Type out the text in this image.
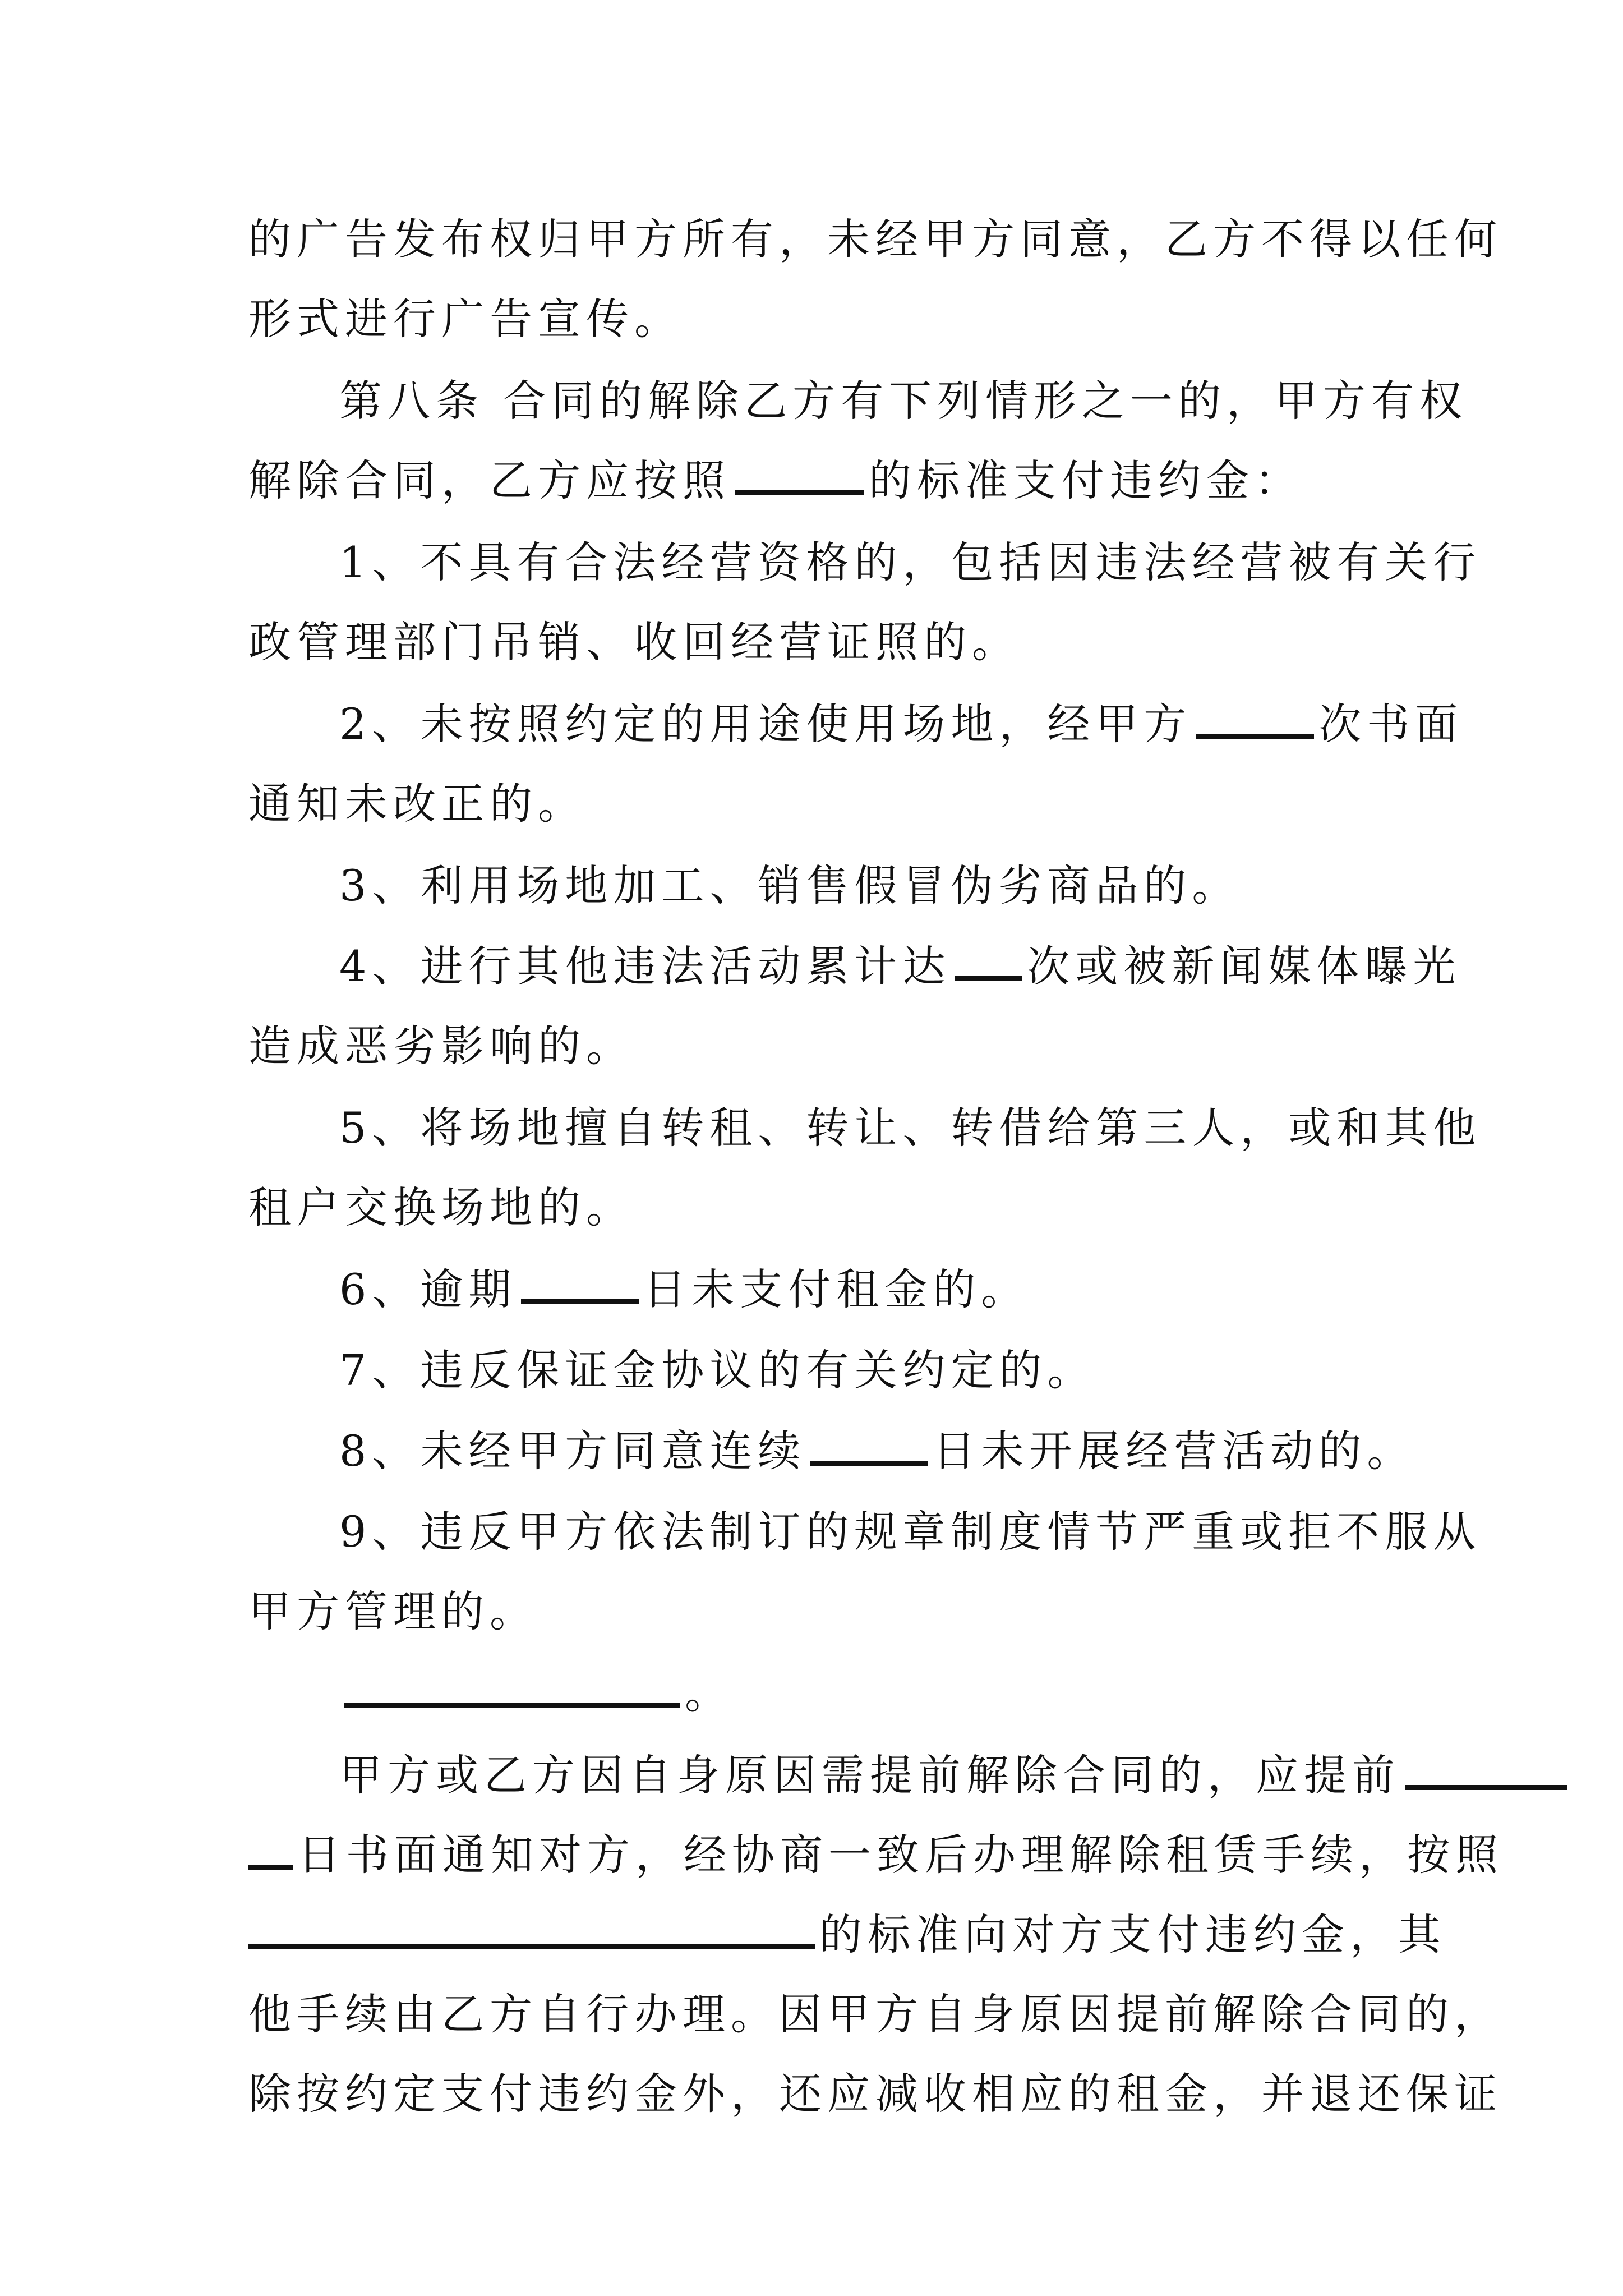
的广告发布权归甲方所有，未经甲方同意，乙方不得以任何
形式进行广告宣传。
第八条 合同的解除乙方有下列情形之一的，甲方有权
解除合同，乙方应按照	的标准支付违约金：
1、不具有合法经营资格的，包括因违法经营被有关行
政管理部门吊销、收回经营证照的。
2、未按照约定的用途使用场地，经甲方	次书面
通知未改正的。
3、利用场地加工、销售假冒伪劣商品的。
4、进行其他违法活动累计达 次或被新闻媒体曝光
造成恶劣影响的。
5、将场地擅自转租、转让、转借给第三人，或和其他
租户交换场地的。
6、逾期	日未支付租金的。
7、违反保证金协议的有关约定的。
8、未经甲方同意连续	日未开展经营活动的。
9、违反甲方依法制订的规章制度情节严重或拒不服从
甲方管理的。
。
甲方或乙方因自身原因需提前解除合同的，应提前
日书面通知对方，经协商一致后办理解除租赁手续，按照
的标准向对方支付违约金，其
他手续由乙方自行办理。因甲方自身原因提前解除合同的，
除按约定支付违约金外，还应减收相应的租金，并退还保证
